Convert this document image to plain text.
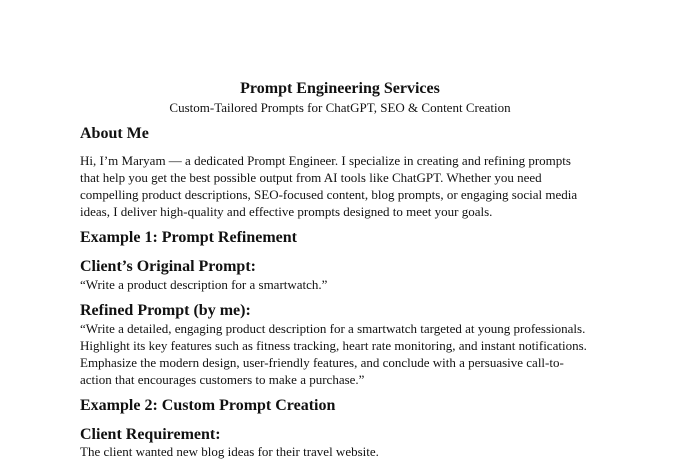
Prompt Engineering Services
Custom-Tailored Prompts for ChatGPT, SEO & Content Creation
About Me
Hi, I’m Maryam — a dedicated Prompt Engineer. I specialize in creating and refining prompts
that help you get the best possible output from AI tools like ChatGPT. Whether you need
compelling product descriptions, SEO-focused content, blog prompts, or engaging social media
ideas, I deliver high-quality and effective prompts designed to meet your goals.
Example 1: Prompt Refinement
Client’s Original Prompt:
“Write a product description for a smartwatch.”
Refined Prompt (by me):
“Write a detailed, engaging product description for a smartwatch targeted at young professionals.
Highlight its key features such as fitness tracking, heart rate monitoring, and instant notifications.
Emphasize the modern design, user-friendly features, and conclude with a persuasive call-to-
action that encourages customers to make a purchase.”
Example 2: Custom Prompt Creation
Client Requirement:
The client wanted new blog ideas for their travel website.
